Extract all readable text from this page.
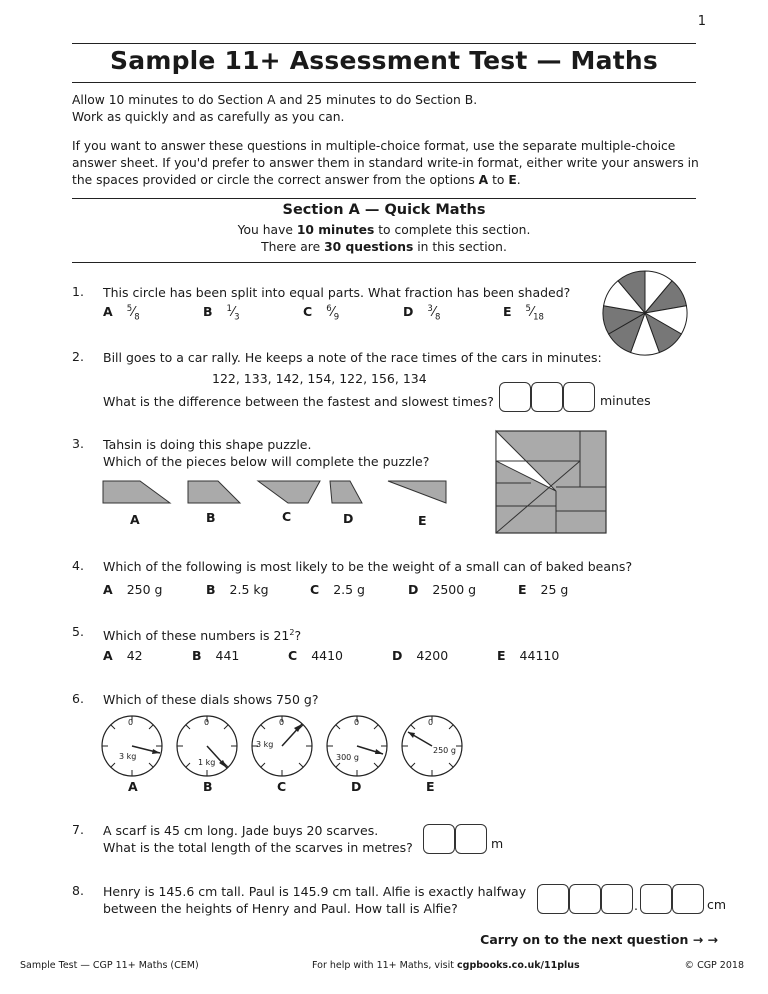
1
Sample 11+ Assessment Test — Maths
Allow 10 minutes to do Section A and 25 minutes to do Section B.
Work as quickly and as carefully as you can.
If you want to answer these questions in multiple-choice format, use the separate multiple-choice
answer sheet. If you'd prefer to answer them in standard write-in format, either write your answers in
the spaces provided or circle the correct answer from the options A to E.
Section A — Quick Maths
You have 10 minutes to complete this section.
There are 30 questions in this section.
1. This circle has been split into equal parts. What fraction has been shaded?
A $^5⁄_8$	B $^1⁄_3$	C $^6⁄_9$	D $^3⁄_8$	E $^5⁄_{18}$
2. Bill goes to a car rally. He keeps a note of the race times of the cars in minutes:
122, 133, 142, 154, 122, 156, 134
What is the difference between the fastest and slowest times?	minutes
3. Tahsin is doing this shape puzzle.
Which of the pieces below will complete the puzzle?
A	B	C	D	E
4. Which of the following is most likely to be the weight of a small can of baked beans?
A 250 g	B 2.5 kg	C 2.5 g	D 2500 g	E 25 g
5. Which of these numbers is $21^2$?
A 42	B 441	C 4410	D 4200	E 44110
6. Which of these dials shows 750 g?
0
3 kg
0
1 kg
0
3 kg
0
300 g
0
250 g
A	B	C	D	E
7. A scarf is 45 cm long. Jade buys 20 scarves.
What is the total length of the scarves in metres?	m
8. Henry is 145.6 cm tall. Paul is 145.9 cm tall. Alfie is exactly halfway
between the heights of Henry and Paul. How tall is Alfie?	.	cm
Carry on to the next question → →
Sample Test — CGP 11+ Maths (CEM)	For help with 11+ Maths, visit cgpbooks.co.uk/11plus	© CGP 2018
